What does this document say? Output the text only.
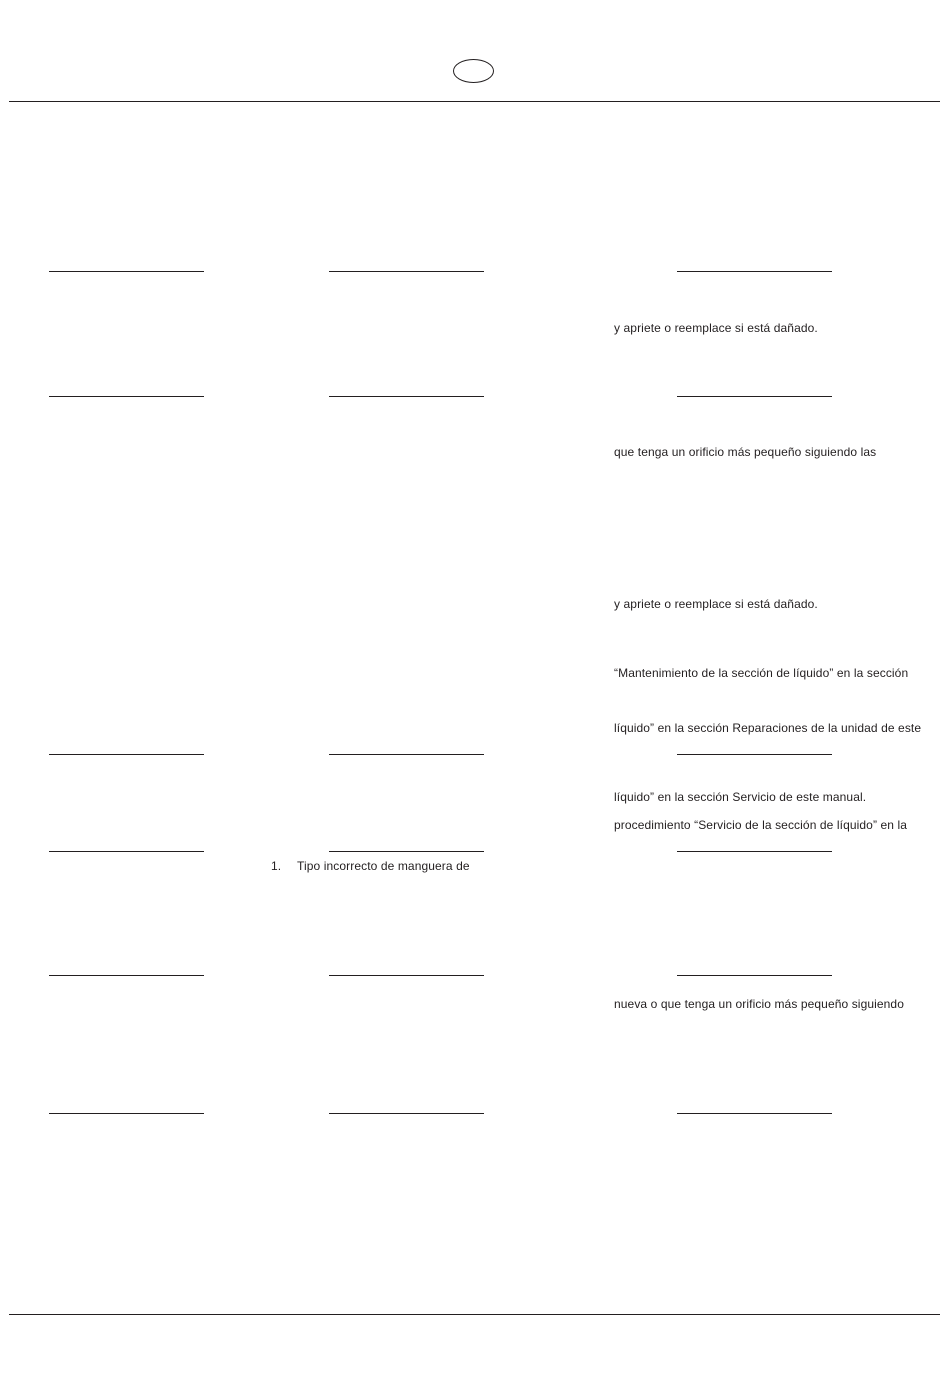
y apriete o reemplace si está dañado.
que tenga un orificio más pequeño siguiendo las
y apriete o reemplace si está dañado.
“Mantenimiento de la sección de líquido” en la sección
líquido” en la sección Reparaciones de la unidad de este
líquido” en la sección Servicio de este manual.
procedimiento “Servicio de la sección de líquido” en la
1. Tipo incorrecto de manguera de
nueva o que tenga un orificio más pequeño siguiendo
